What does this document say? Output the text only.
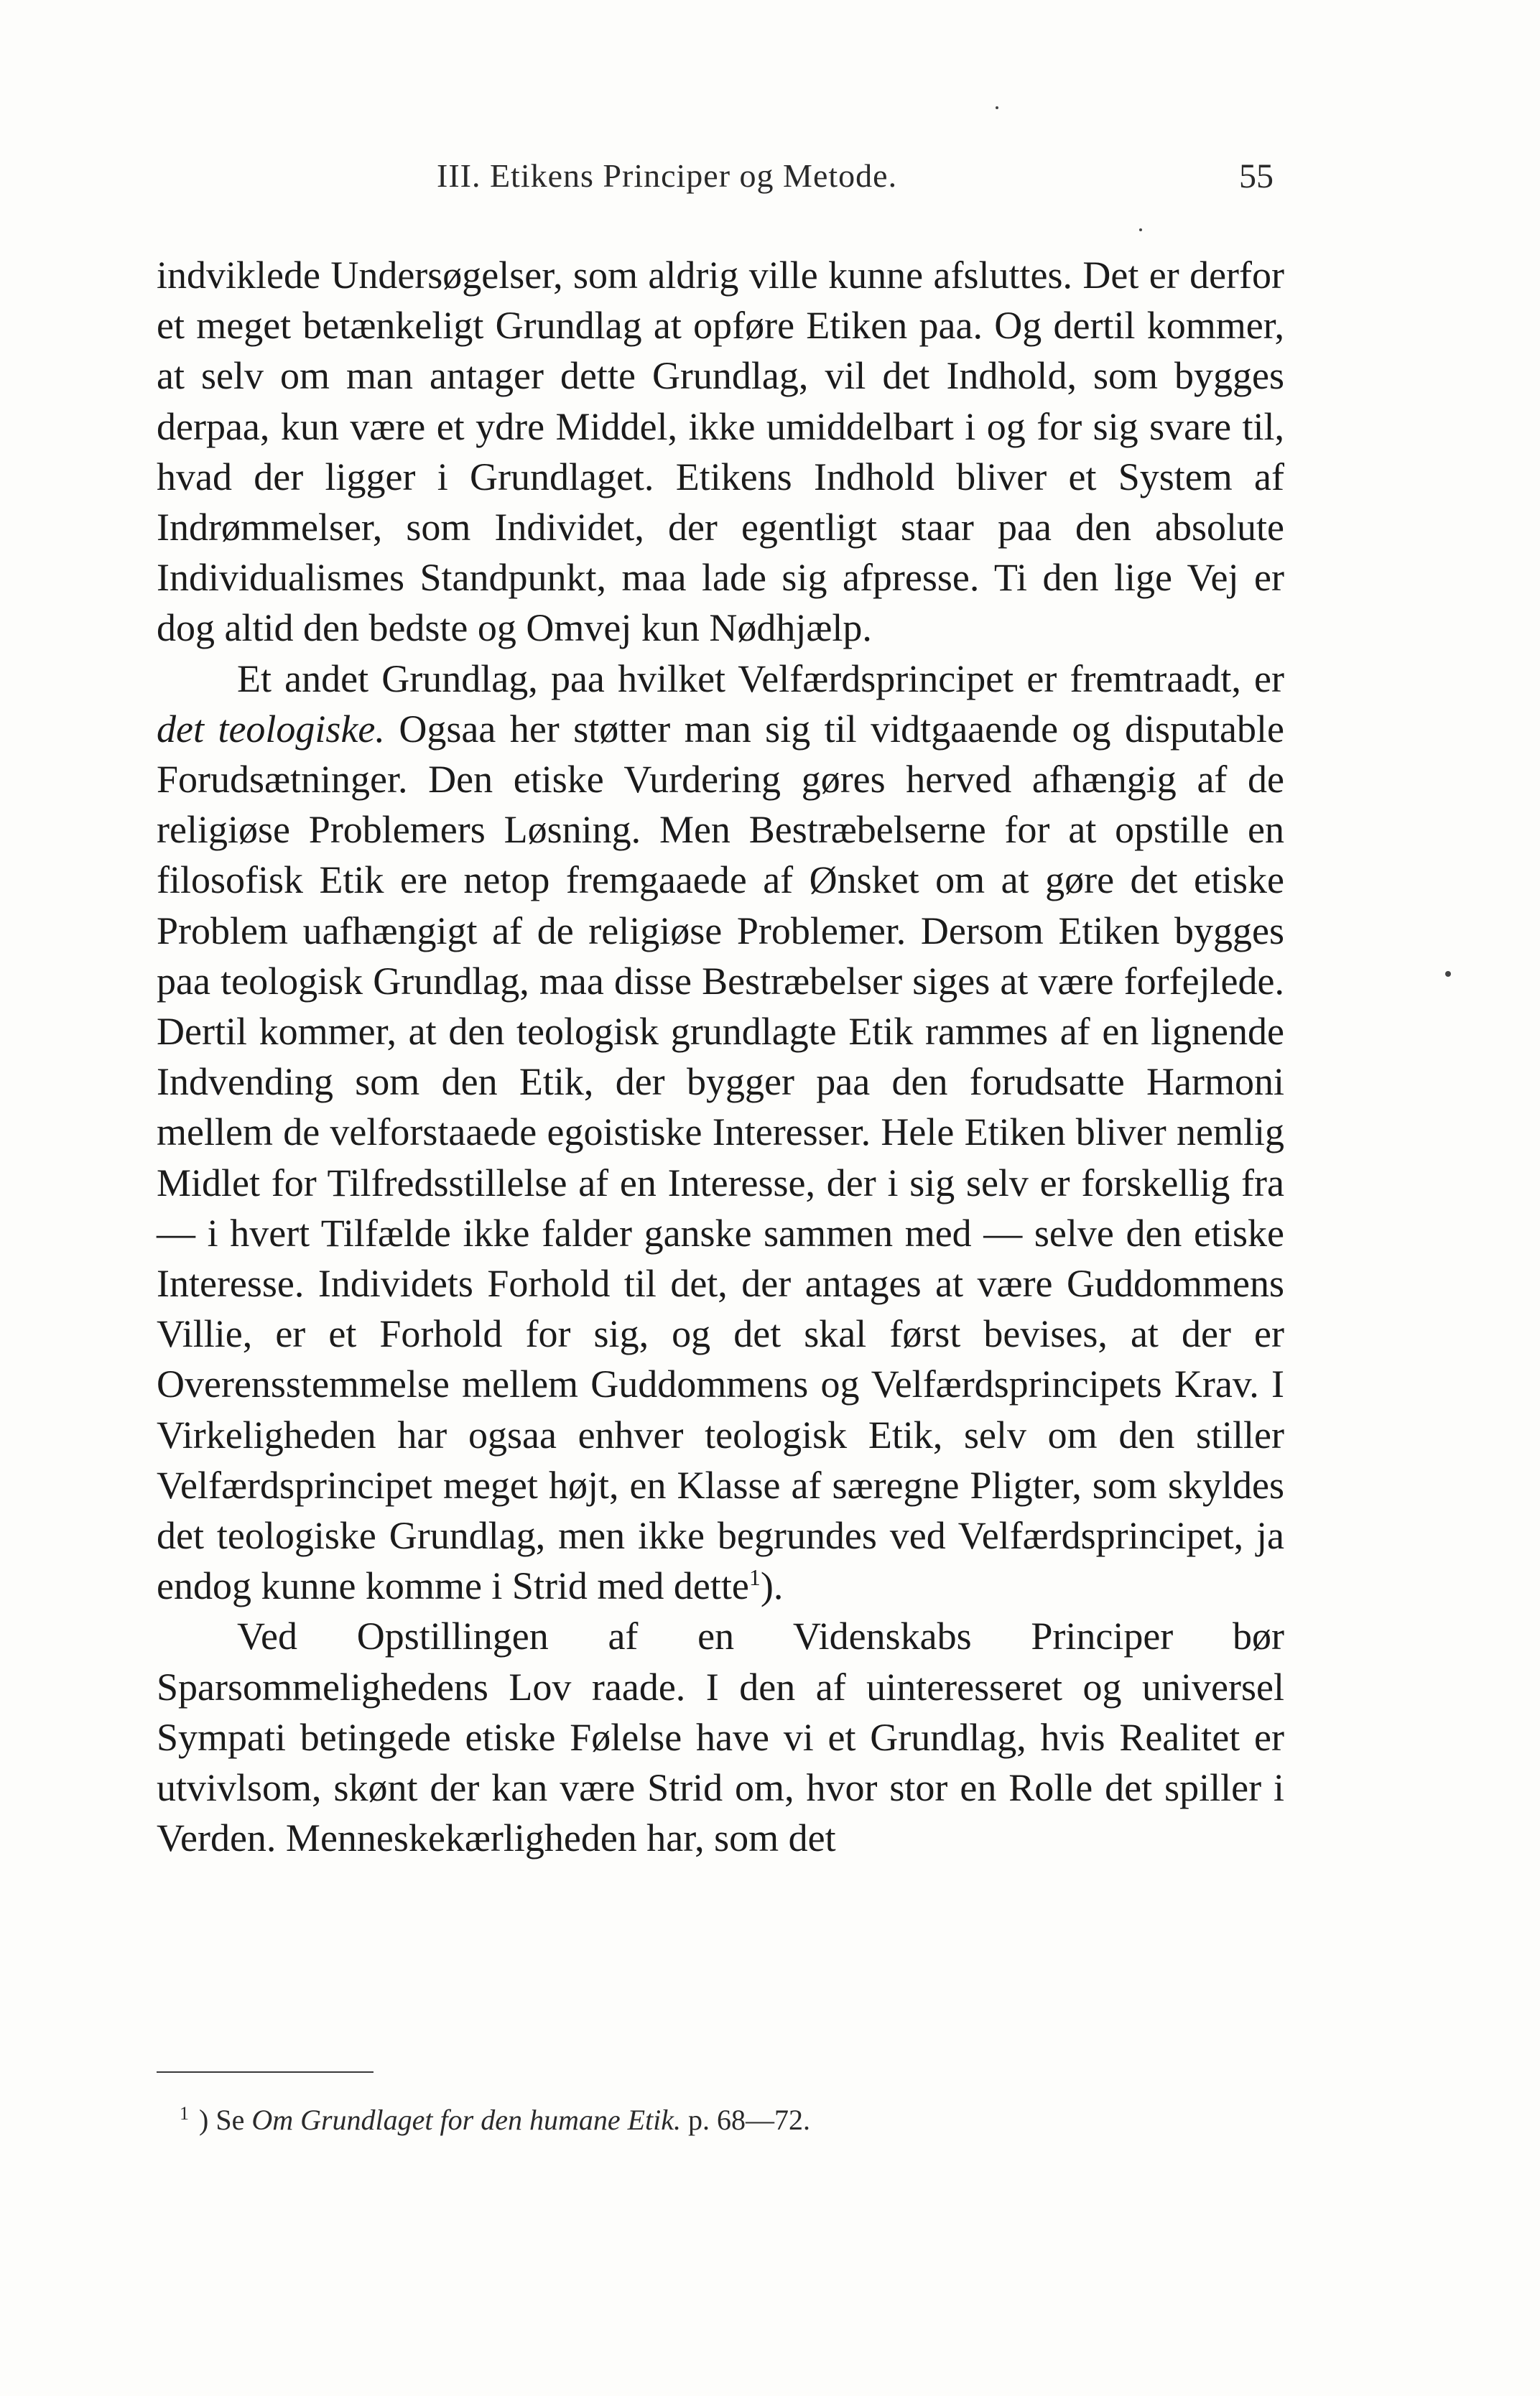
III. Etikens Principer og Metode.	55

indviklede Undersøgelser, som aldrig ville kunne afsluttes. Det er derfor et meget betænkeligt Grundlag at opføre Etiken paa. Og dertil kommer, at selv om man antager dette Grundlag, vil det Indhold, som bygges derpaa, kun være et ydre Middel, ikke umiddelbart i og for sig svare til, hvad der ligger i Grundlaget. Etikens Indhold bliver et System af Indrømmelser, som Individet, der egentligt staar paa den absolute Individualismes Standpunkt, maa lade sig afpresse. Ti den lige Vej er dog altid den bedste og Omvej kun Nødhjælp.

Et andet Grundlag, paa hvilket Velfærdsprincipet er fremtraadt, er det teologiske. Ogsaa her støtter man sig til vidtgaaende og disputable Forudsætninger. Den etiske Vurdering gøres herved afhængig af de religiøse Problemers Løsning. Men Bestræbelserne for at opstille en filosofisk Etik ere netop fremgaaede af Ønsket om at gøre det etiske Problem uafhængigt af de religiøse Problemer. Dersom Etiken bygges paa teologisk Grundlag, maa disse Bestræbelser siges at være forfejlede. Dertil kommer, at den teologisk grundlagte Etik rammes af en lignende Indvending som den Etik, der bygger paa den forudsatte Harmoni mellem de velforstaaede egoistiske Interesser. Hele Etiken bliver nemlig Midlet for Tilfredsstillelse af en Interesse, der i sig selv er forskellig fra — i hvert Tilfælde ikke falder ganske sammen med — selve den etiske Interesse. Individets Forhold til det, der antages at være Guddommens Villie, er et Forhold for sig, og det skal først bevises, at der er Overensstemmelse mellem Guddommens og Velfærdsprincipets Krav. I Virkeligheden har ogsaa enhver teologisk Etik, selv om den stiller Velfærdsprincipet meget højt, en Klasse af særegne Pligter, som skyldes det teologiske Grundlag, men ikke begrundes ved Velfærdsprincipet, ja endog kunne komme i Strid med dette$^1$).

Ved Opstillingen af en Videnskabs Principer bør Sparsommelighedens Lov raade. I den af uinteresseret og universel Sympati betingede etiske Følelse have vi et Grundlag, hvis Realitet er utvivlsom, skønt der kan være Strid om, hvor stor en Rolle det spiller i Verden. Menneskekærligheden har, som det

$^1$ ) Se Om Grundlaget for den humane Etik. p. 68—72.
